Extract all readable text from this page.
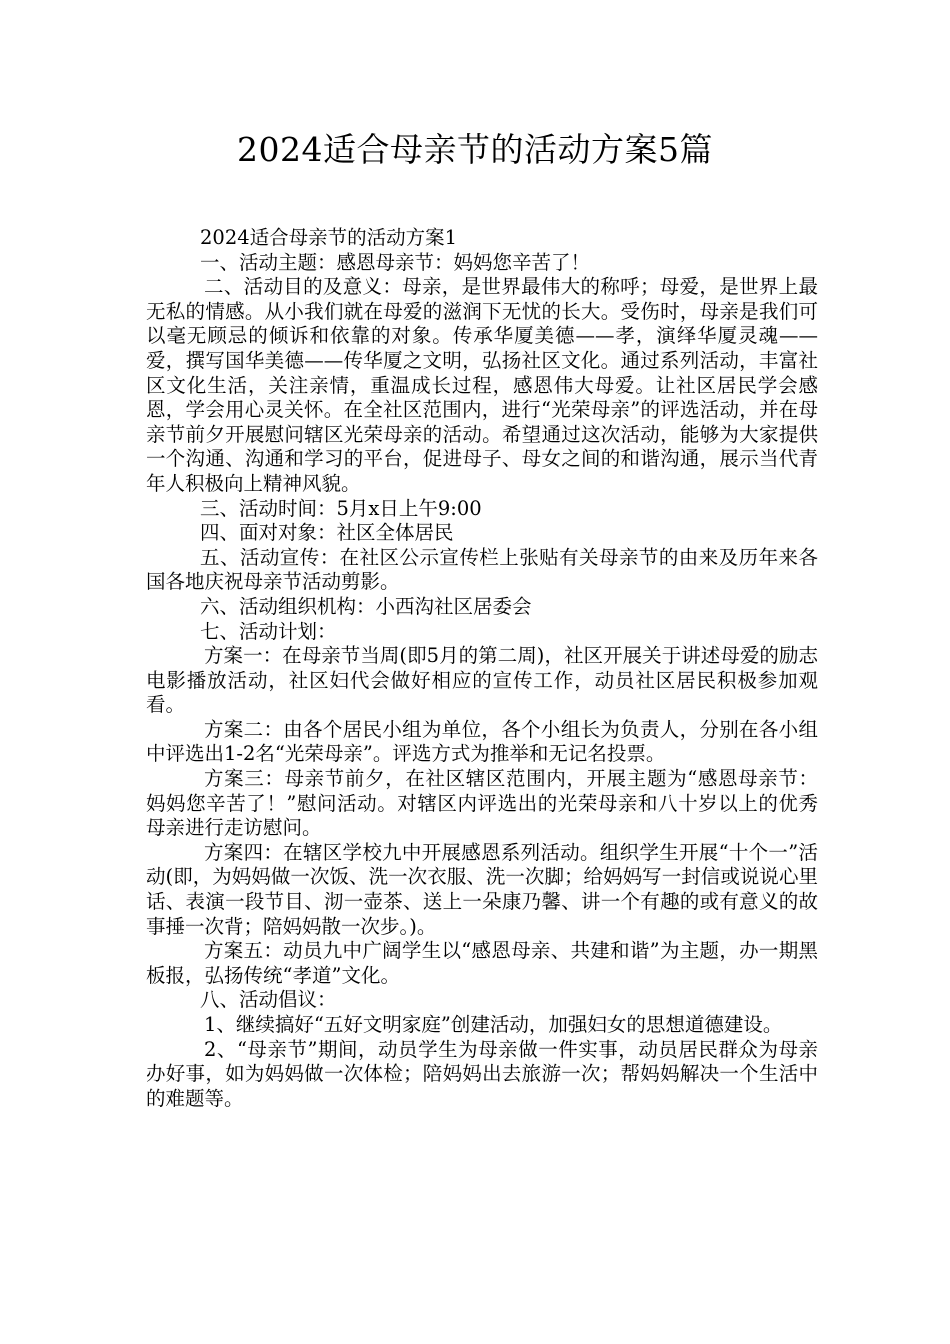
2024适合母亲节的活动方案5篇

2024适合母亲节的活动方案1

一、活动主题：感恩母亲节：妈妈您辛苦了！

二、活动目的及意义：母亲，是世界最伟大的称呼；母爱，是世界上最无私的情感。从小我们就在母爱的滋润下无忧的长大。受伤时，母亲是我们可以毫无顾忌的倾诉和依靠的对象。传承华厦美德——孝，演绎华厦灵魂——爱，撰写国华美德——传华厦之文明，弘扬社区文化。通过系列活动，丰富社区文化生活，关注亲情，重温成长过程，感恩伟大母爱。让社区居民学会感恩，学会用心灵关怀。在全社区范围内，进行“光荣母亲”的评选活动，并在母亲节前夕开展慰问辖区光荣母亲的活动。希望通过这次活动，能够为大家提供一个沟通、沟通和学习的平台，促进母子、母女之间的和谐沟通，展示当代青年人积极向上精神风貌。

三、活动时间：5月x日上午9:00

四、面对对象：社区全体居民

五、活动宣传：在社区公示宣传栏上张贴有关母亲节的由来及历年来各国各地庆祝母亲节活动剪影。

六、活动组织机构：小西沟社区居委会

七、活动计划：

方案一：在母亲节当周(即5月的第二周)，社区开展关于讲述母爱的励志电影播放活动，社区妇代会做好相应的宣传工作，动员社区居民积极参加观看。

方案二：由各个居民小组为单位，各个小组长为负责人，分别在各小组中评选出1-2名“光荣母亲”。评选方式为推举和无记名投票。

方案三：母亲节前夕，在社区辖区范围内，开展主题为“感恩母亲节：妈妈您辛苦了！”慰问活动。对辖区内评选出的光荣母亲和八十岁以上的优秀母亲进行走访慰问。

方案四：在辖区学校九中开展感恩系列活动。组织学生开展“十个一”活动(即，为妈妈做一次饭、洗一次衣服、洗一次脚；给妈妈写一封信或说说心里话、表演一段节目、沏一壶茶、送上一朵康乃馨、讲一个有趣的或有意义的故事捶一次背；陪妈妈散一次步。)。

方案五：动员九中广阔学生以“感恩母亲、共建和谐”为主题，办一期黑板报，弘扬传统“孝道”文化。

八、活动倡议：

1、继续搞好“五好文明家庭”创建活动，加强妇女的思想道德建设。

2、“母亲节”期间，动员学生为母亲做一件实事，动员居民群众为母亲办好事，如为妈妈做一次体检；陪妈妈出去旅游一次；帮妈妈解决一个生活中的难题等。
